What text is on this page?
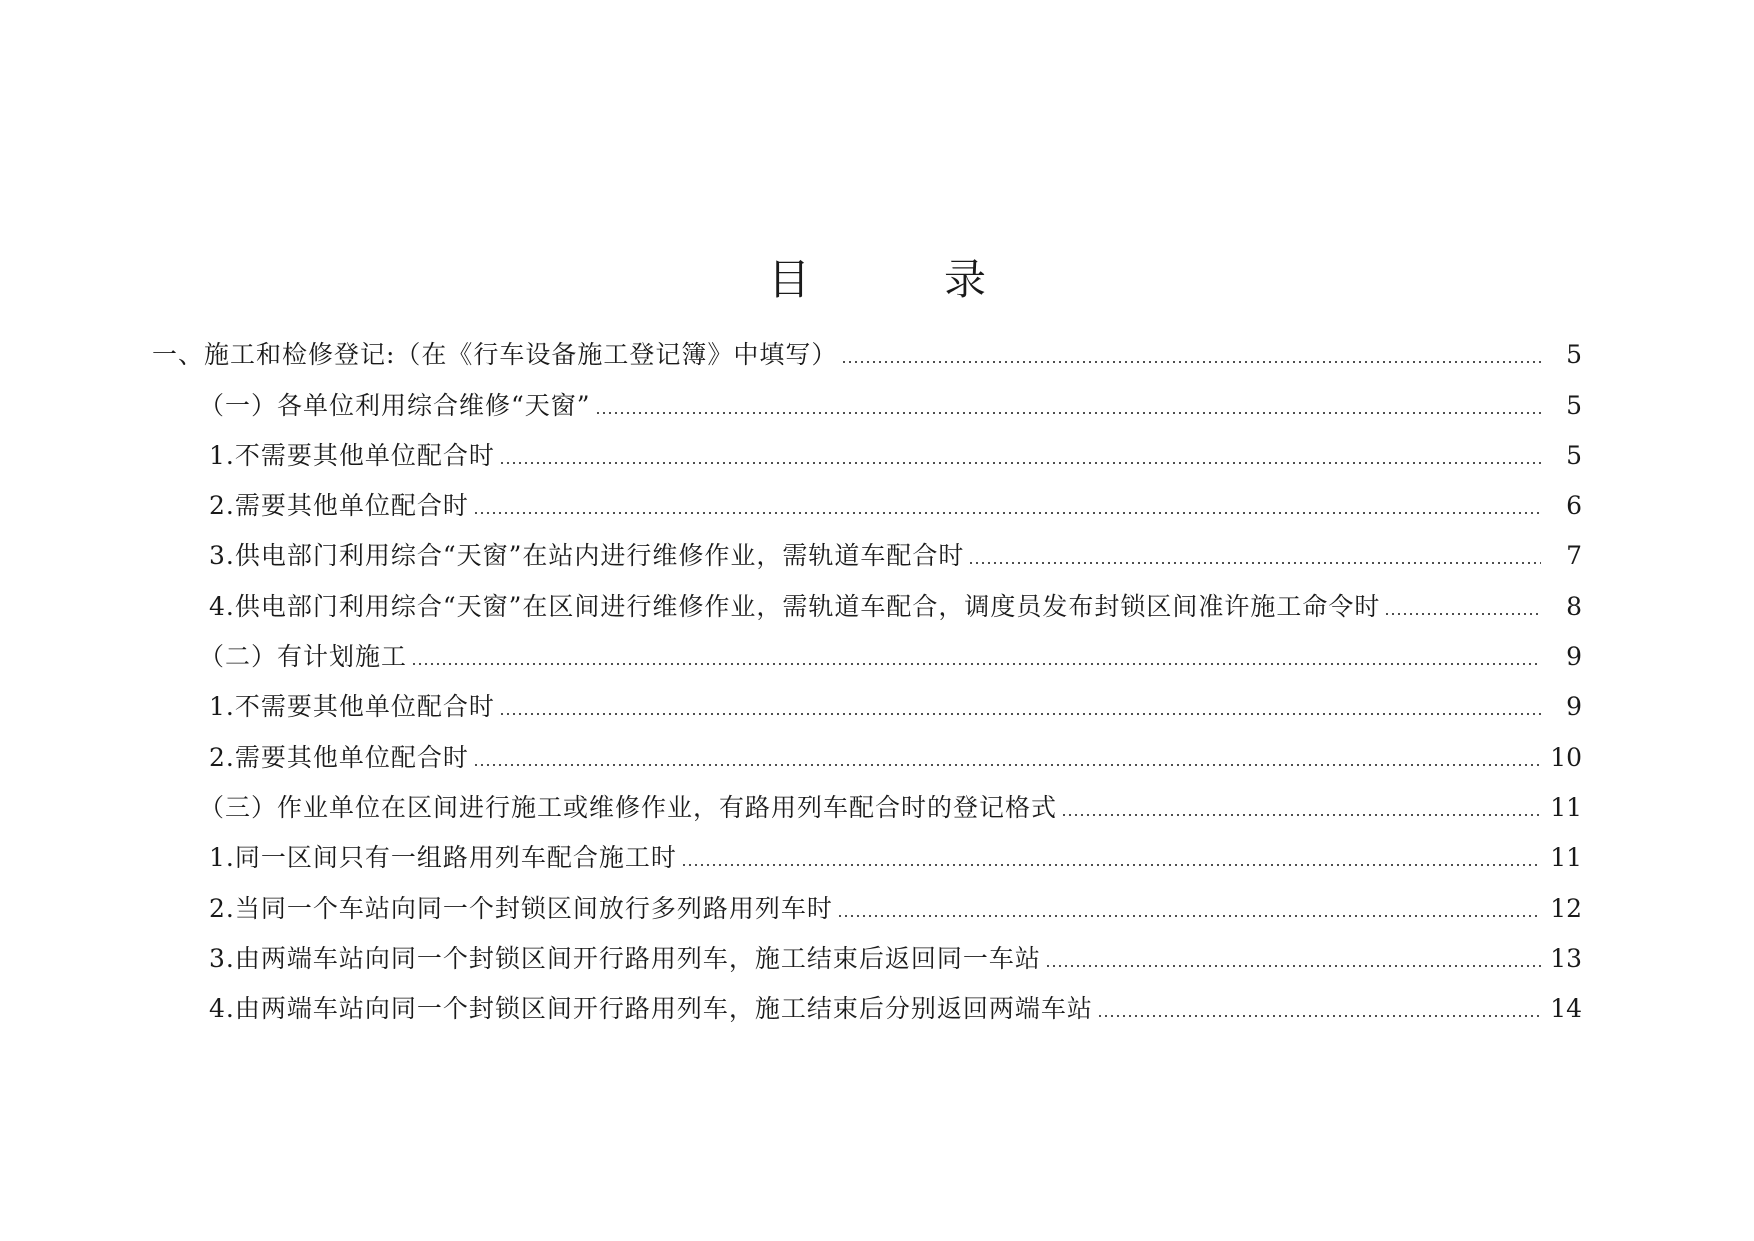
目　录
一、施工和检修登记:（在《行车设备施工登记簿》中填写）	5
（一）各单位利用综合维修“天窗”	5
1.不需要其他单位配合时	5
2.需要其他单位配合时	6
3.供电部门利用综合“天窗”在站内进行维修作业，需轨道车配合时	7
4.供电部门利用综合“天窗”在区间进行维修作业，需轨道车配合，调度员发布封锁区间准许施工命令时	8
（二）有计划施工	9
1.不需要其他单位配合时	9
2.需要其他单位配合时	10
（三）作业单位在区间进行施工或维修作业，有路用列车配合时的登记格式	11
1.同一区间只有一组路用列车配合施工时	11
2.当同一个车站向同一个封锁区间放行多列路用列车时	12
3.由两端车站向同一个封锁区间开行路用列车，施工结束后返回同一车站	13
4.由两端车站向同一个封锁区间开行路用列车，施工结束后分别返回两端车站	14
